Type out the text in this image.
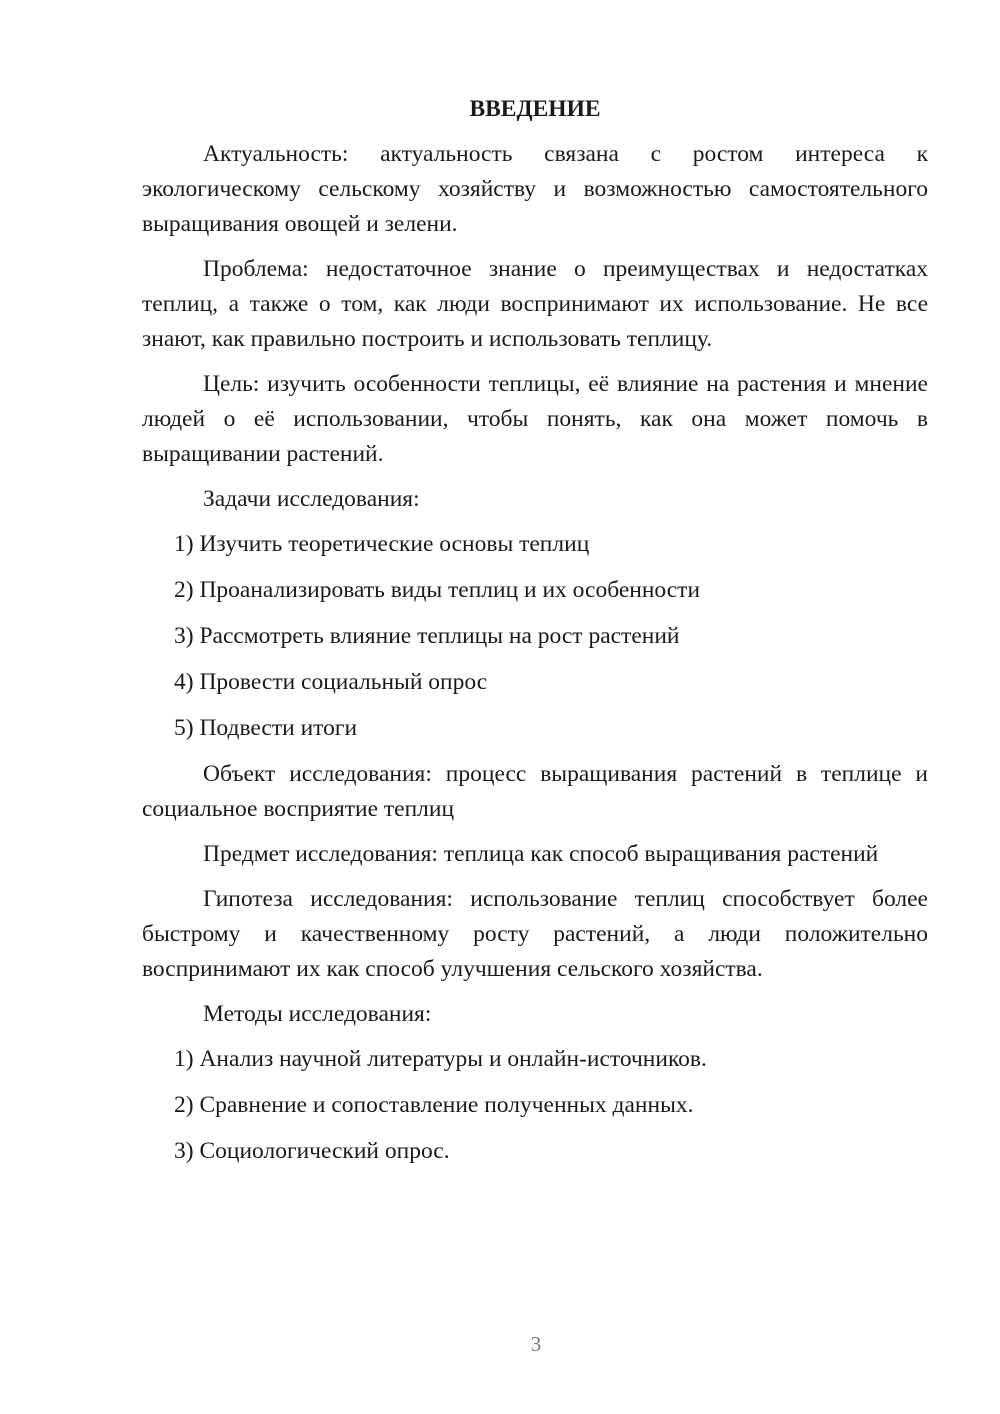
ВВЕДЕНИЕ
Актуальность: актуальность связана с ростом интереса к экологическому сельскому хозяйству и возможностью самостоятельного выращивания овощей и зелени.
Проблема: недостаточное знание о преимуществах и недостатках теплиц, а также о том, как люди воспринимают их использование. Не все знают, как правильно построить и использовать теплицу.
Цель: изучить особенности теплицы, её влияние на растения и мнение людей о её использовании, чтобы понять, как она может помочь в выращивании растений.
Задачи исследования:
1) Изучить теоретические основы теплиц
2) Проанализировать виды теплиц и их особенности
3) Рассмотреть влияние теплицы на рост растений
4) Провести социальный опрос
5) Подвести итоги
Объект исследования: процесс выращивания растений в теплице и социальное восприятие теплиц
Предмет исследования: теплица как способ выращивания растений
Гипотеза исследования: использование теплиц способствует более быстрому и качественному росту растений, а люди положительно воспринимают их как способ улучшения сельского хозяйства.
Методы исследования:
1) Анализ научной литературы и онлайн-источников.
2) Сравнение и сопоставление полученных данных.
3) Социологический опрос.
3
